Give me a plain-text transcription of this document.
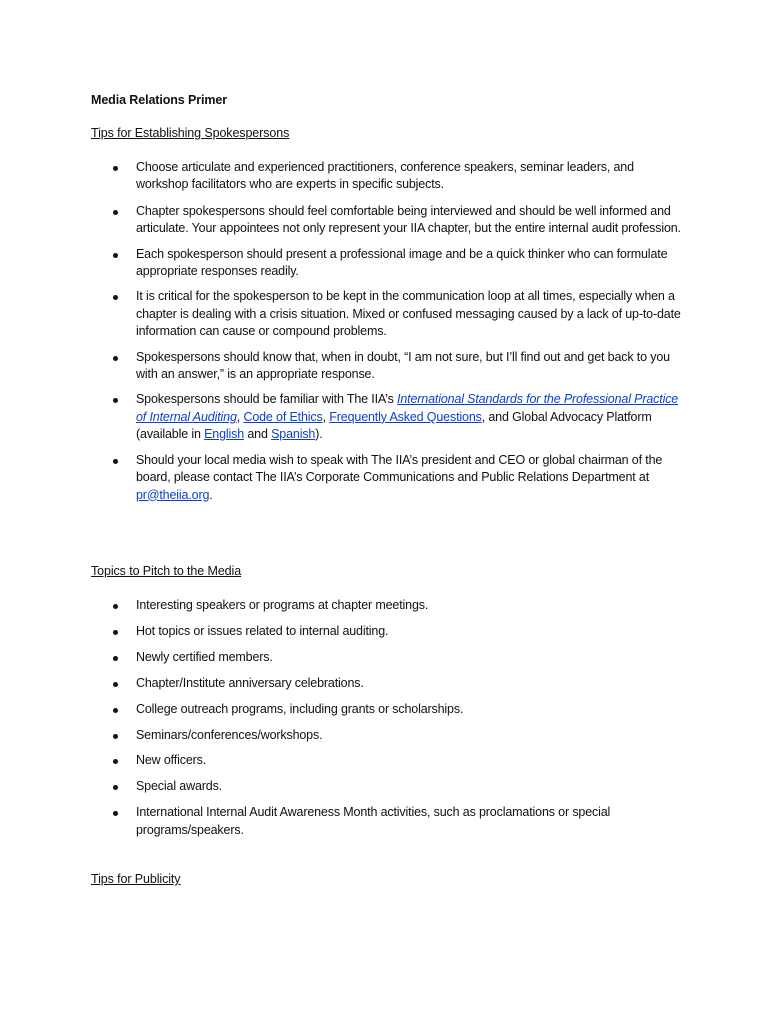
Media Relations Primer
Tips for Establishing Spokespersons
Choose articulate and experienced practitioners, conference speakers, seminar leaders, and workshop facilitators who are experts in specific subjects.
Chapter spokespersons should feel comfortable being interviewed and should be well informed and articulate. Your appointees not only represent your IIA chapter, but the entire internal audit profession.
Each spokesperson should present a professional image and be a quick thinker who can formulate appropriate responses readily.
It is critical for the spokesperson to be kept in the communication loop at all times, especially when a chapter is dealing with a crisis situation. Mixed or confused messaging caused by a lack of up-to-date information can cause or compound problems.
Spokespersons should know that, when in doubt, “I am not sure, but I’ll find out and get back to you with an answer,” is an appropriate response.
Spokespersons should be familiar with The IIA’s International Standards for the Professional Practice of Internal Auditing, Code of Ethics, Frequently Asked Questions, and Global Advocacy Platform (available in English and Spanish).
Should your local media wish to speak with The IIA’s president and CEO or global chairman of the board, please contact The IIA’s Corporate Communications and Public Relations Department at pr@theiia.org.
Topics to Pitch to the Media
Interesting speakers or programs at chapter meetings.
Hot topics or issues related to internal auditing.
Newly certified members.
Chapter/Institute anniversary celebrations.
College outreach programs, including grants or scholarships.
Seminars/conferences/workshops.
New officers.
Special awards.
International Internal Audit Awareness Month activities, such as proclamations or special programs/speakers.
Tips for Publicity
